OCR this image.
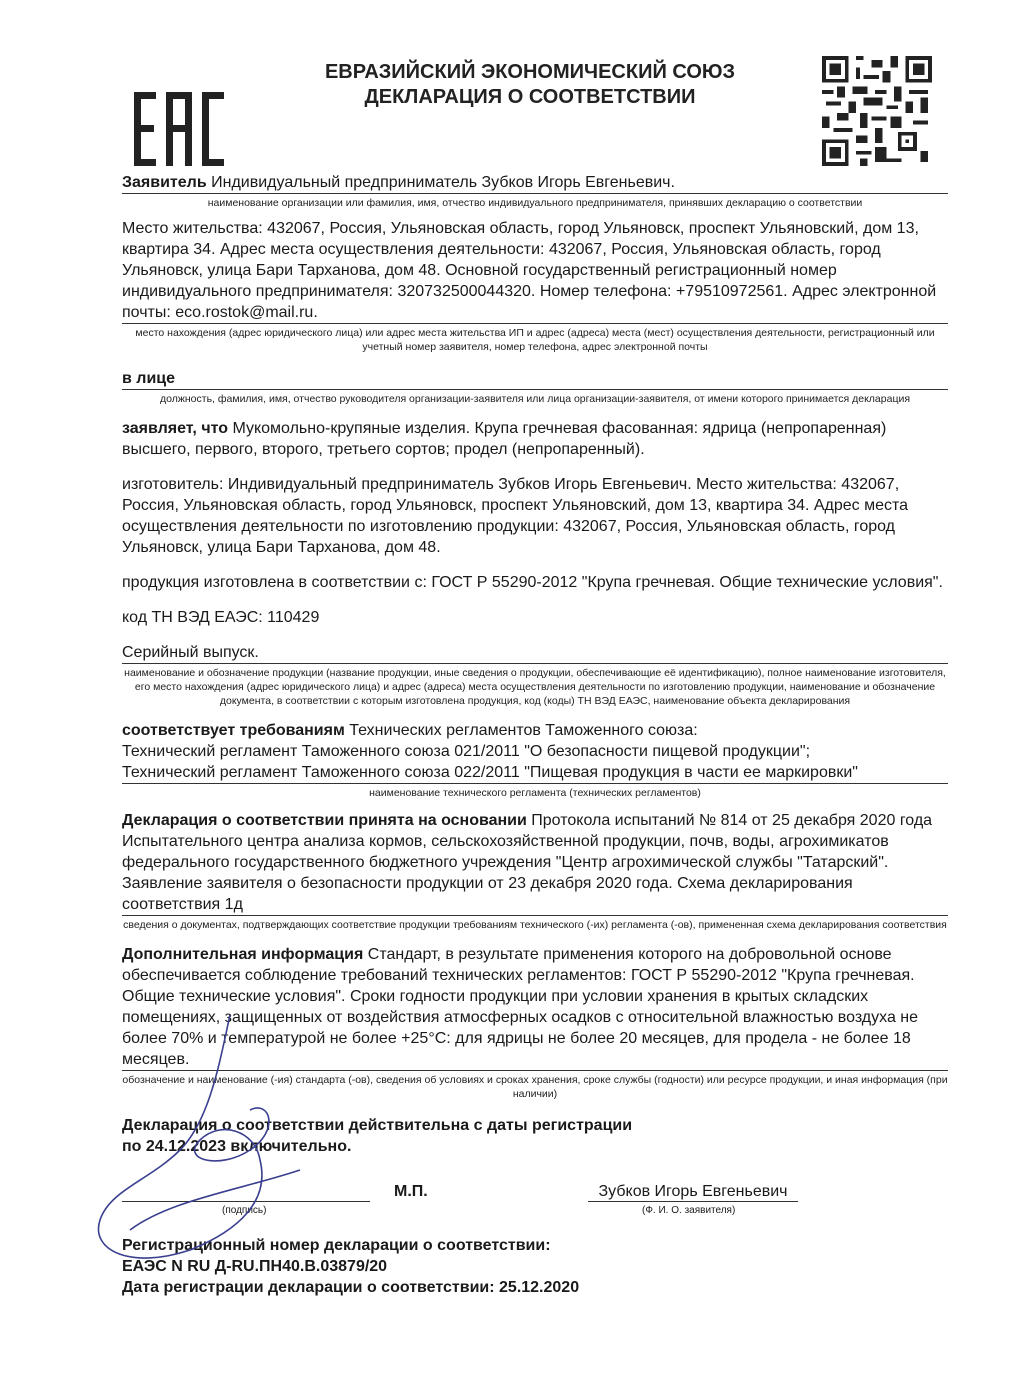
ЕВРАЗИЙСКИЙ ЭКОНОМИЧЕСКИЙ СОЮЗ
ДЕКЛАРАЦИЯ О СООТВЕТСТВИИ

Заявитель Индивидуальный предприниматель Зубков Игорь Евгеньевич.

наименование организации или фамилия, имя, отчество индивидуального предпринимателя, принявших декларацию о соответствии

Место жительства: 432067, Россия, Ульяновская область, город Ульяновск, проспект Ульяновский, дом 13, квартира 34. Адрес места осуществления деятельности: 432067, Россия, Ульяновская область, город Ульяновск, улица Бари Тарханова, дом 48. Основной государственный регистрационный номер индивидуального предпринимателя: 320732500044320. Номер телефона: +79510972561. Адрес электронной почты: eco.rostok@mail.ru.

место нахождения (адрес юридического лица) или адрес места жительства ИП и адрес (адреса) места (мест) осуществления деятельности, регистрационный или учетный номер заявителя, номер телефона, адрес электронной почты

в лице

должность, фамилия, имя, отчество руководителя организации-заявителя или лица организации-заявителя, от имени которого принимается декларация

заявляет, что Мукомольно-крупяные изделия. Крупа гречневая фасованная: ядрица (непропаренная) высшего, первого, второго, третьего сортов; продел (непропаренный).

изготовитель: Индивидуальный предприниматель Зубков Игорь Евгеньевич. Место жительства: 432067, Россия, Ульяновская область, город Ульяновск, проспект Ульяновский, дом 13, квартира 34. Адрес места осуществления деятельности по изготовлению продукции: 432067, Россия, Ульяновская область, город Ульяновск, улица Бари Тарханова, дом 48.

продукция изготовлена в соответствии с: ГОСТ Р 55290-2012 "Крупа гречневая. Общие технические условия".

код ТН ВЭД ЕАЭС: 110429

Серийный выпуск.

наименование и обозначение продукции (название продукции, иные сведения о продукции, обеспечивающие её идентификацию), полное наименование изготовителя, его место нахождения (адрес юридического лица) и адрес (адреса) места осуществления деятельности по изготовлению продукции, наименование и обозначение документа, в соответствии с которым изготовлена продукция, код (коды) ТН ВЭД ЕАЭС, наименование объекта декларирования

соответствует требованиям Технических регламентов Таможенного союза:

Технический регламент Таможенного союза 021/2011 "О безопасности пищевой продукции";

Технический регламент Таможенного союза 022/2011 "Пищевая продукция в части ее маркировки"

наименование технического регламента (технических регламентов)

Декларация о соответствии принята на основании Протокола испытаний № 814 от 25 декабря 2020 года Испытательного центра анализа кормов, сельскохозяйственной продукции, почв, воды, агрохимикатов федерального государственного бюджетного учреждения "Центр агрохимической службы "Татарский". Заявление заявителя о безопасности продукции от 23 декабря 2020 года. Схема декларирования соответствия 1д

сведения о документах, подтверждающих соответствие продукции требованиям технического (-их) регламента (-ов), примененная схема декларирования соответствия

Дополнительная информация Стандарт, в результате применения которого на добровольной основе обеспечивается соблюдение требований технических регламентов: ГОСТ Р 55290-2012 "Крупа гречневая. Общие технические условия". Сроки годности продукции при условии хранения в крытых складских помещениях, защищенных от воздействия атмосферных осадков с относительной влажностью воздуха не более 70% и температурой не более +25°С: для ядрицы не более 20 месяцев, для продела - не более 18 месяцев.

обозначение и наименование (-ия) стандарта (-ов), сведения об условиях и сроках хранения, сроке службы (годности) или ресурсе продукции, и иная информация (при наличии)

Декларация о соответствии действительна с даты регистрации

по 24.12.2023 включительно.

(подпись)
М.П.	Зубков Игорь Евгеньевич
(Ф. И. О. заявителя)

Регистрационный номер декларации о соответствии:

ЕАЭС N RU Д-RU.ПН40.В.03879/20

Дата регистрации декларации о соответствии: 25.12.2020
